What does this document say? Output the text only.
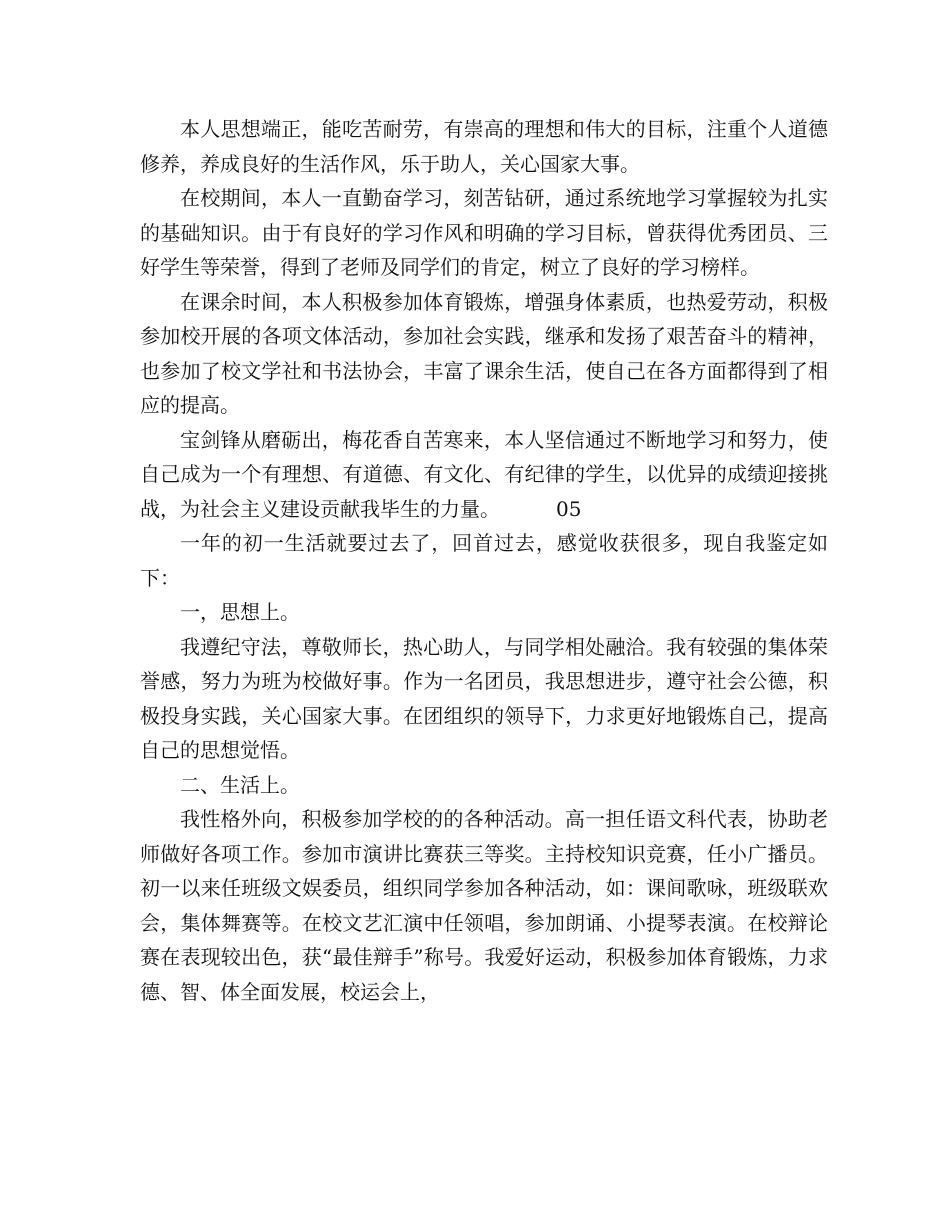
本人思想端正，能吃苦耐劳，有崇高的理想和伟大的目标，注重个人道德修养，养成良好的生活作风，乐于助人，关心国家大事。

在校期间，本人一直勤奋学习，刻苦钻研，通过系统地学习掌握较为扎实的基础知识。由于有良好的学习作风和明确的学习目标，曾获得优秀团员、三好学生等荣誉，得到了老师及同学们的肯定，树立了良好的学习榜样。

在课余时间，本人积极参加体育锻炼，增强身体素质，也热爱劳动，积极参加校开展的各项文体活动，参加社会实践，继承和发扬了艰苦奋斗的精神，也参加了校文学社和书法协会，丰富了课余生活，使自己在各方面都得到了相应的提高。

宝剑锋从磨砺出，梅花香自苦寒来，本人坚信通过不断地学习和努力，使自己成为一个有理想、有道德、有文化、有纪律的学生，以优异的成绩迎接挑战，为社会主义建设贡献我毕生的力量。	05

一年的初一生活就要过去了，回首过去，感觉收获很多，现自我鉴定如下：

一，思想上。

我遵纪守法，尊敬师长，热心助人，与同学相处融洽。我有较强的集体荣誉感，努力为班为校做好事。作为一名团员，我思想进步，遵守社会公德，积极投身实践，关心国家大事。在团组织的领导下，力求更好地锻炼自己，提高自己的思想觉悟。

二、生活上。

我性格外向，积极参加学校的的各种活动。高一担任语文科代表，协助老师做好各项工作。参加市演讲比赛获三等奖。主持校知识竞赛，任小广播员。初一以来任班级文娱委员，组织同学参加各种活动，如：课间歌咏，班级联欢会，集体舞赛等。在校文艺汇演中任领唱，参加朗诵、小提琴表演。在校辩论赛在表现较出色，获“最佳辩手”称号。我爱好运动，积极参加体育锻炼，力求德、智、体全面发展，校运会上，
